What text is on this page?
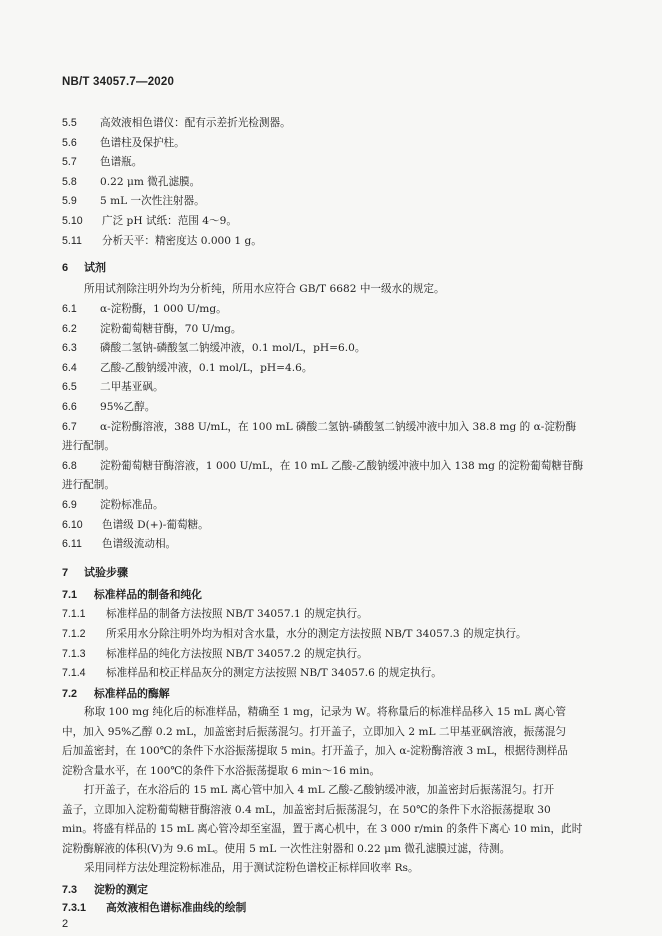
NB/T 34057.7—2020
5.5 高效液相色谱仪：配有示差折光检测器。
5.6 色谱柱及保护柱。
5.7 色谱瓶。
5.8 0.22 μm 微孔滤膜。
5.9 5 mL 一次性注射器。
5.10 广泛 pH 试纸：范围 4～9。
5.11 分析天平：精密度达 0.000 1 g。
6 试剂
所用试剂除注明外均为分析纯，所用水应符合 GB/T 6682 中一级水的规定。
6.1 α-淀粉酶，1 000 U/mg。
6.2 淀粉葡萄糖苷酶，70 U/mg。
6.3 磷酸二氢钠-磷酸氢二钠缓冲液，0.1 mol/L，pH=6.0。
6.4 乙酸-乙酸钠缓冲液，0.1 mol/L，pH=4.6。
6.5 二甲基亚砜。
6.6 95%乙醇。
6.7 α-淀粉酶溶液，388 U/mL，在 100 mL 磷酸二氢钠-磷酸氢二钠缓冲液中加入 38.8 mg 的 α-淀粉酶
进行配制。
6.8 淀粉葡萄糖苷酶溶液，1 000 U/mL，在 10 mL 乙酸-乙酸钠缓冲液中加入 138 mg 的淀粉葡萄糖苷酶
进行配制。
6.9 淀粉标准品。
6.10 色谱级 D(+)-葡萄糖。
6.11 色谱级流动相。
7 试验步骤
7.1 标准样品的制备和纯化
7.1.1 标准样品的制备方法按照 NB/T 34057.1 的规定执行。
7.1.2 所采用水分除注明外均为相对含水量，水分的测定方法按照 NB/T 34057.3 的规定执行。
7.1.3 标准样品的纯化方法按照 NB/T 34057.2 的规定执行。
7.1.4 标准样品和校正样品灰分的测定方法按照 NB/T 34057.6 的规定执行。
7.2 标准样品的酶解
称取 100 mg 纯化后的标准样品，精确至 1 mg，记录为 W。将称量后的标准样品移入 15 mL 离心管
中，加入 95%乙醇 0.2 mL，加盖密封后振荡混匀。打开盖子，立即加入 2 mL 二甲基亚砜溶液，振荡混匀
后加盖密封，在 100℃的条件下水浴振荡提取 5 min。打开盖子，加入 α-淀粉酶溶液 3 mL，根据待测样品
淀粉含量水平，在 100℃的条件下水浴振荡提取 6 min～16 min。
打开盖子，在水浴后的 15 mL 离心管中加入 4 mL 乙酸-乙酸钠缓冲液，加盖密封后振荡混匀。打开
盖子，立即加入淀粉葡萄糖苷酶溶液 0.4 mL，加盖密封后振荡混匀，在 50℃的条件下水浴振荡提取 30
min。将盛有样品的 15 mL 离心管冷却至室温，置于离心机中，在 3 000 r/min 的条件下离心 10 min，此时
淀粉酶解液的体积(V)为 9.6 mL。使用 5 mL 一次性注射器和 0.22 μm 微孔滤膜过滤，待测。
采用同样方法处理淀粉标准品，用于测试淀粉色谱校正标样回收率 Rs。
7.3 淀粉的测定
7.3.1 高效液相色谱标准曲线的绘制
2
